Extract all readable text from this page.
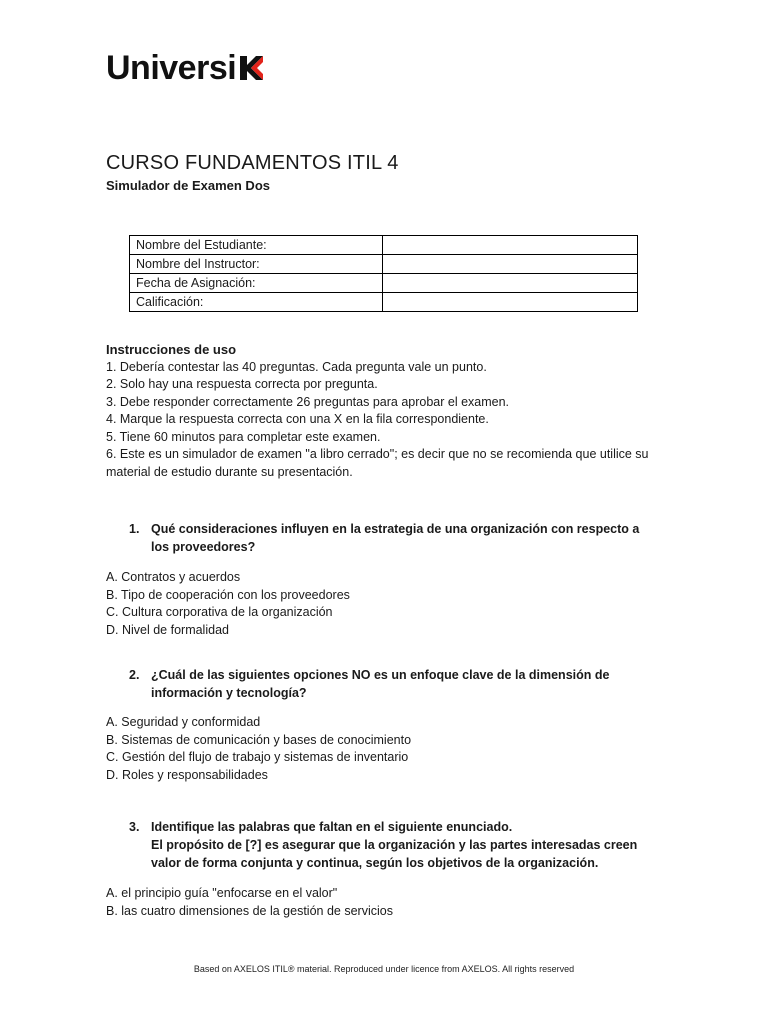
Universi
CURSO FUNDAMENTOS ITIL 4
Simulador de Examen Dos
Nombre del Estudiante:	
Nombre del Instructor:	
Fecha de Asignación:	
Calificación:	
Instrucciones de uso
1. Debería contestar las 40 preguntas. Cada pregunta vale un punto.
2. Solo hay una respuesta correcta por pregunta.
3. Debe responder correctamente 26 preguntas para aprobar el examen.
4. Marque la respuesta correcta con una X en la fila correspondiente.
5. Tiene 60 minutos para completar este examen.
6. Este es un simulador de examen "a libro cerrado"; es decir que no se recomienda que utilice su material de estudio durante su presentación.
1. Qué consideraciones influyen en la estrategia de una organización con respecto a los proveedores?
A. Contratos y acuerdos
B. Tipo de cooperación con los proveedores
C. Cultura corporativa de la organización
D. Nivel de formalidad
2. ¿Cuál de las siguientes opciones NO es un enfoque clave de la dimensión de información y tecnología?
A. Seguridad y conformidad
B. Sistemas de comunicación y bases de conocimiento
C. Gestión del flujo de trabajo y sistemas de inventario
D. Roles y responsabilidades
3. Identifique las palabras que faltan en el siguiente enunciado.
El propósito de [?] es asegurar que la organización y las partes interesadas creen valor de forma conjunta y continua, según los objetivos de la organización.
A. el principio guía "enfocarse en el valor"
B. las cuatro dimensiones de la gestión de servicios
Based on AXELOS ITIL® material. Reproduced under licence from AXELOS. All rights reserved
